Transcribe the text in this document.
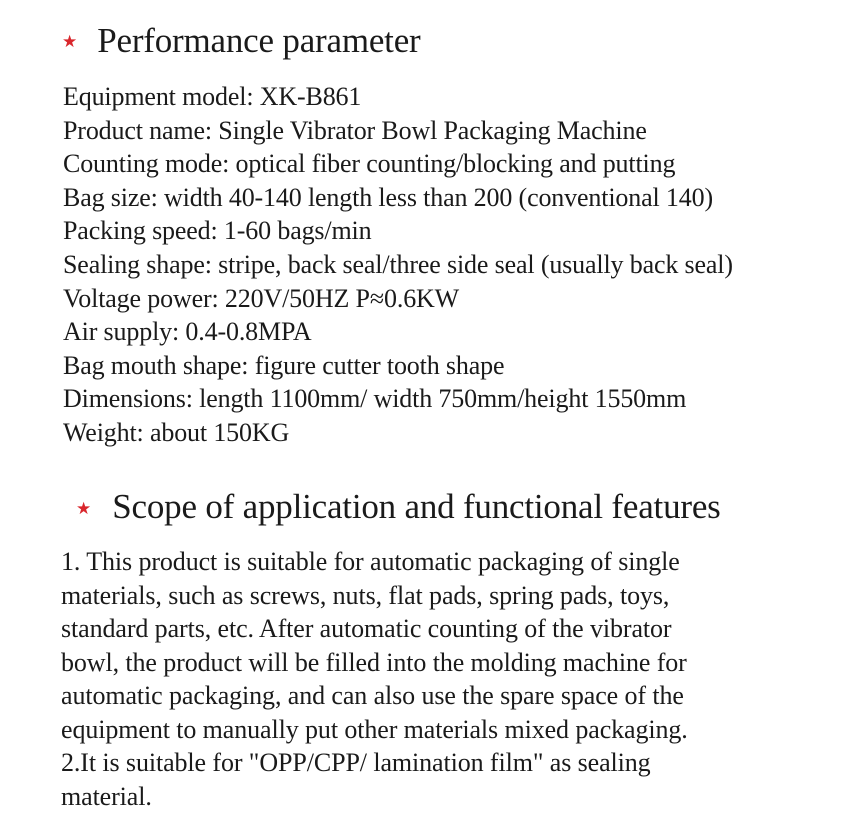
★ Performance parameter
Equipment model: XK-B861
Product name: Single Vibrator Bowl Packaging Machine
Counting mode: optical fiber counting/blocking and putting
Bag size: width 40-140 length less than 200 (conventional 140)
Packing speed: 1-60 bags/min
Sealing shape: stripe, back seal/three side seal (usually back seal)
Voltage power: 220V/50HZ P≈0.6KW
Air supply: 0.4-0.8MPA
Bag mouth shape: figure cutter tooth shape
Dimensions: length 1100mm/ width 750mm/height 1550mm
Weight: about 150KG
★ Scope of application and functional features
1. This product is suitable for automatic packaging of single
materials, such as screws, nuts, flat pads, spring pads, toys,
standard parts, etc. After automatic counting of the vibrator
bowl, the product will be filled into the molding machine for
automatic packaging, and can also use the spare space of the
equipment to manually put other materials mixed packaging.
2.It is suitable for "OPP/CPP/ lamination film" as sealing
material.
